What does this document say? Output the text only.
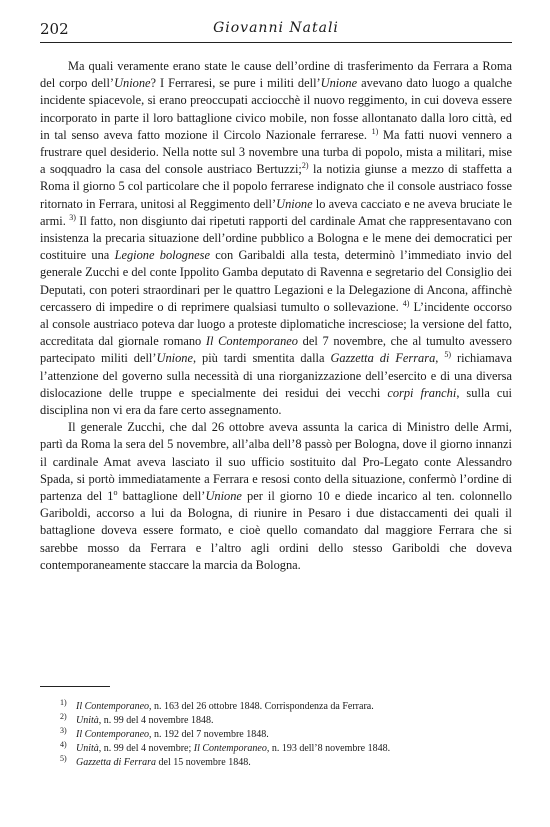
202	Giovanni Natali

Ma quali veramente erano state le cause dell’ordine di trasferimento da Ferrara a Roma del corpo dell’Unione? I Ferraresi, se pure i militi dell’Unione avevano dato luogo a qualche incidente spiacevole, si erano preoccupati acciocchè il nuovo reggimento, in cui doveva essere incorporato in parte il loro battaglione civico mobile, non fosse allontanato dalla loro città, ed in tal senso aveva fatto mozione il Circolo Nazionale ferrarese. $^{1)}$ Ma fatti nuovi vennero a frustrare quel desiderio. Nella notte sul 3 novembre una turba di popolo, mista a militari, mise a soqquadro la casa del console austriaco Bertuzzi;$^{2)}$ la notizia giunse a mezzo di staffetta a Roma il giorno 5 col particolare che il popolo ferrarese indignato che il console austriaco fosse ritornato in Ferrara, unitosi al Reggimento dell’Unione lo aveva cacciato e ne aveva bruciate le armi. $^{3)}$ Il fatto, non disgiunto dai ripetuti rapporti del cardinale Amat che rappresentavano con insistenza la precaria situazione dell’ordine pubblico a Bologna e le mene dei democratici per costituire una Legione bolognese con Garibaldi alla testa, determinò l’immediato invio del generale Zucchi e del conte Ippolito Gamba deputato di Ravenna e segretario del Consiglio dei Deputati, con poteri straordinari per le quattro Legazioni e la Delegazione di Ancona, affinchè cercassero di impedire o di reprimere qualsiasi tumulto o sollevazione. $^{4)}$ L’incidente occorso al console austriaco poteva dar luogo a proteste diplomatiche incresciose; la versione del fatto, accreditata dal giornale romano Il Contemporaneo del 7 novembre, che al tumulto avessero partecipato militi dell’Unione, più tardi smentita dalla Gazzetta di Ferrara, $^{5)}$ richiamava l’attenzione del governo sulla necessità di una riorganizzazione dell’esercito e di una diversa dislocazione delle truppe e specialmente dei residui dei vecchi corpi franchi, sulla cui disciplina non vi era da fare certo assegnamento.

Il generale Zucchi, che dal 26 ottobre aveva assunta la carica di Ministro delle Armi, partì da Roma la sera del 5 novembre, all’alba dell’8 passò per Bologna, dove il giorno innanzi il cardinale Amat aveva lasciato il suo ufficio sostituito dal Pro-Legato conte Alessandro Spada, si portò immediatamente a Ferrara e resosi conto della situazione, confermò l’ordine di partenza del 1$^o$ battaglione dell’Unione per il giorno 10 e diede incarico al ten. colonnello Gariboldi, accorso a lui da Bologna, di riunire in Pesaro i due distaccamenti dei quali il battaglione doveva essere formato, e cioè quello comandato dal maggiore Ferrara che si sarebbe mosso da Ferrara e l’altro agli ordini dello stesso Gariboldi che doveva contemporaneamente staccare la marcia da Bologna.

$^{1)}$ Il Contemporaneo, n. 163 del 26 ottobre 1848. Corrispondenza da Ferrara.
$^{2)}$ Unità, n. 99 del 4 novembre 1848.
$^{3)}$ Il Contemporaneo, n. 192 del 7 novembre 1848.
$^{4)}$ Unità, n. 99 del 4 novembre; Il Contemporaneo, n. 193 dell’8 novembre 1848.
$^{5)}$ Gazzetta di Ferrara del 15 novembre 1848.
